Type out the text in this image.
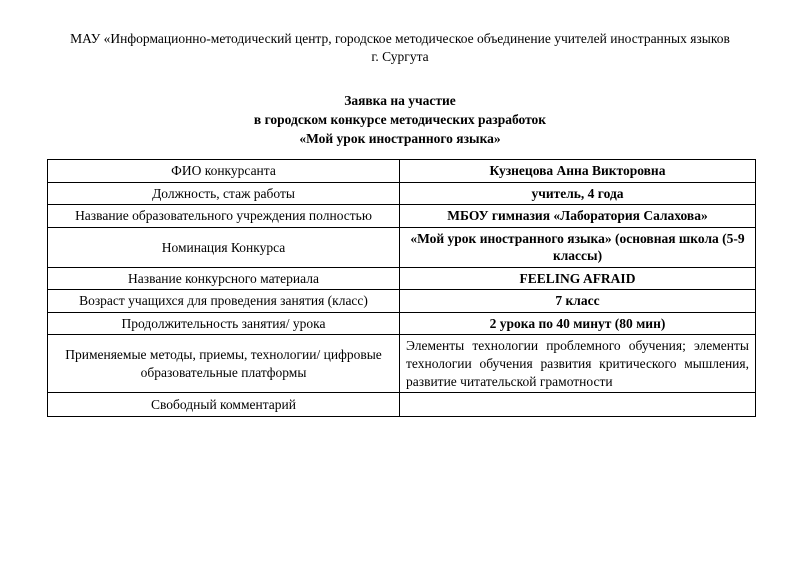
МАУ «Информационно-методический центр, городское методическое объединение учителей иностранных языков
г. Сургута
Заявка на участие
в городском конкурсе методических разработок
«Мой урок иностранного языка»
ФИО конкурсанта	Кузнецова Анна Викторовна
Должность, стаж работы	учитель, 4 года
Название образовательного учреждения полностью	МБОУ гимназия «Лаборатория Салахова»
Номинация Конкурса	«Мой урок иностранного языка» (основная школа (5-9 классы)
Название конкурсного материала	FEELING AFRAID
Возраст учащихся для проведения занятия (класс)	7 класс
Продолжительность занятия/ урока	2 урока по 40 минут (80 мин)
Применяемые методы, приемы, технологии/ цифровые образовательные платформы	Элементы технологии проблемного обучения; элементы технологии обучения развития критического мышления, развитие читательской грамотности
Свободный комментарий	
